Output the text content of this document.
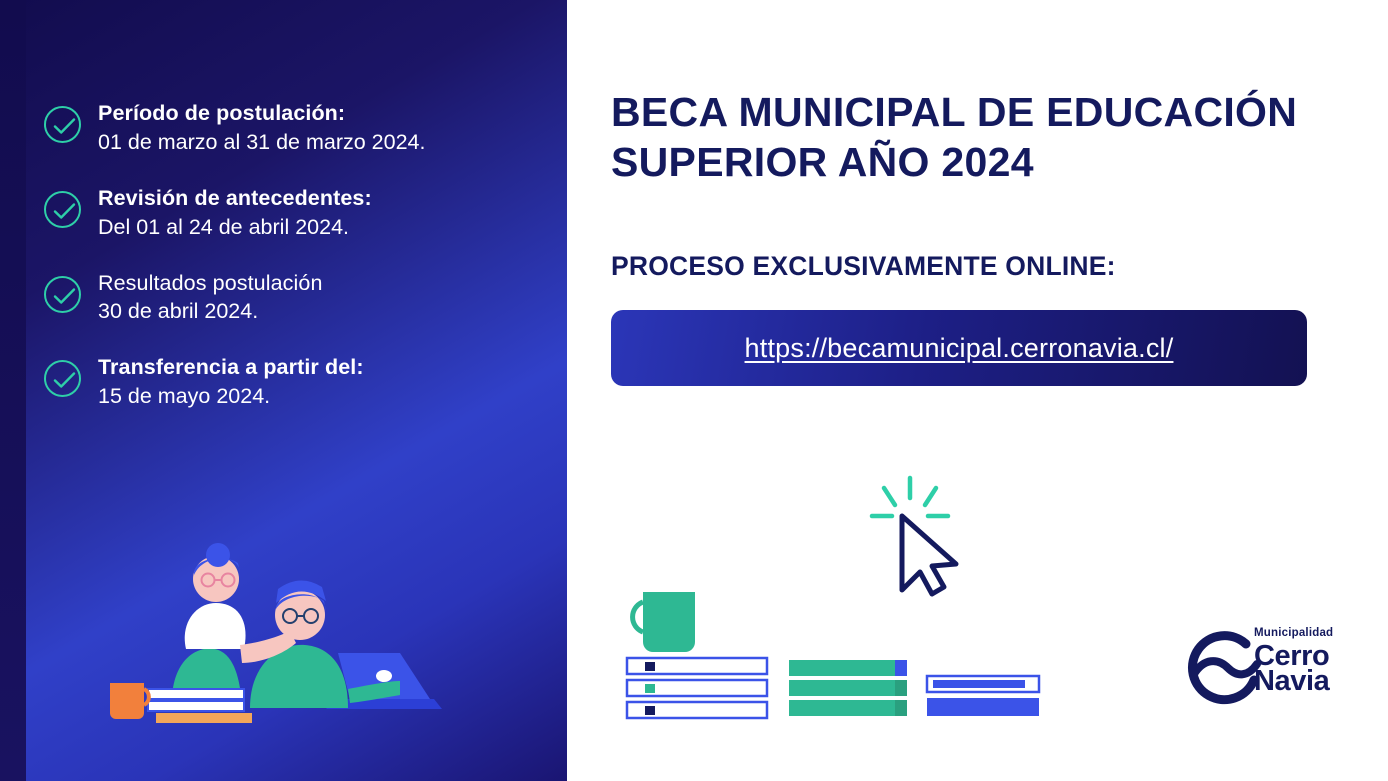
Período de postulación:
01 de marzo al 31 de marzo 2024.
Revisión de antecedentes:
Del 01 al 24 de abril 2024.
Resultados postulación
30 de abril 2024.
Transferencia a partir del:
15 de mayo 2024.
BECA MUNICIPAL DE EDUCACIÓN SUPERIOR AÑO 2024
PROCESO EXCLUSIVAMENTE ONLINE:
https://becamunicipal.cerronavia.cl/
Municipalidad
Cerro
Navia
